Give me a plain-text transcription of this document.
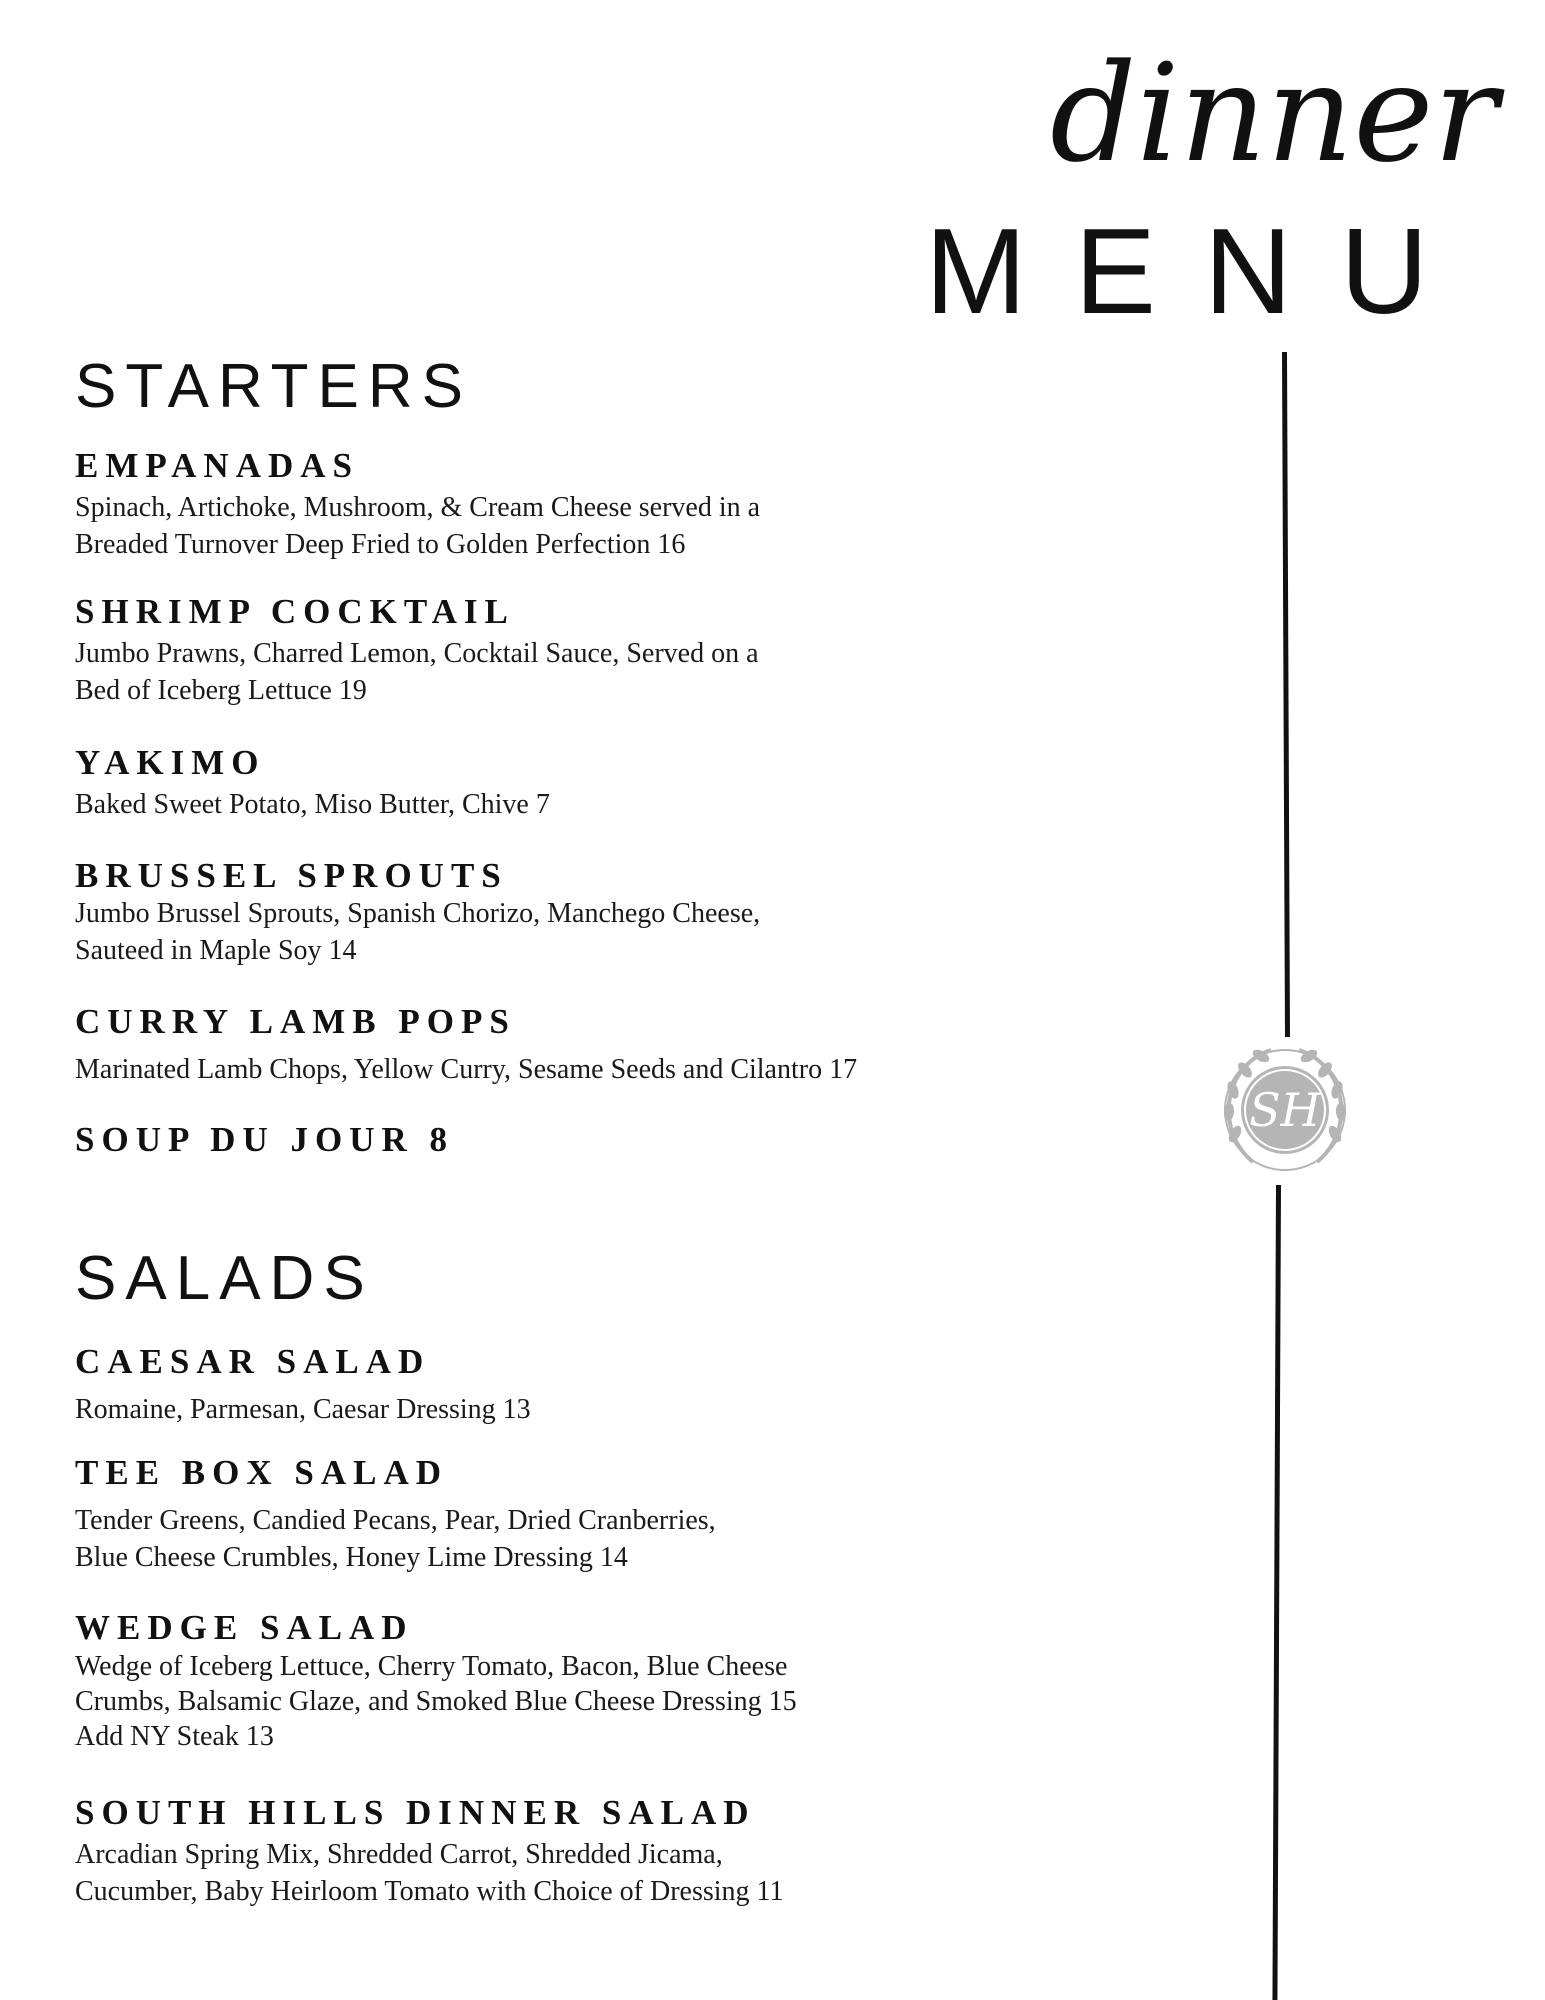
dinner
MENU
SH
STARTERS
EMPANADAS

Spinach, Artichoke, Mushroom, & Cream Cheese served in a
Breaded Turnover Deep Fried to Golden Perfection 16

SHRIMP COCKTAIL

Jumbo Prawns, Charred Lemon, Cocktail Sauce, Served on a
Bed of Iceberg Lettuce 19

YAKIMO

Baked Sweet Potato, Miso Butter, Chive 7

BRUSSEL SPROUTS

Jumbo Brussel Sprouts, Spanish Chorizo, Manchego Cheese,
Sauteed in Maple Soy 14

CURRY LAMB POPS

Marinated Lamb Chops, Yellow Curry, Sesame Seeds and Cilantro 17

SOUP DU JOUR 8
SALADS
CAESAR SALAD

Romaine, Parmesan, Caesar Dressing 13

TEE BOX SALAD

Tender Greens, Candied Pecans, Pear, Dried Cranberries,
Blue Cheese Crumbles, Honey Lime Dressing 14

WEDGE SALAD

Wedge of Iceberg Lettuce, Cherry Tomato, Bacon, Blue Cheese
Crumbs, Balsamic Glaze, and Smoked Blue Cheese Dressing 15
Add NY Steak 13

SOUTH HILLS DINNER SALAD

Arcadian Spring Mix, Shredded Carrot, Shredded Jicama,
Cucumber, Baby Heirloom Tomato with Choice of Dressing 11
